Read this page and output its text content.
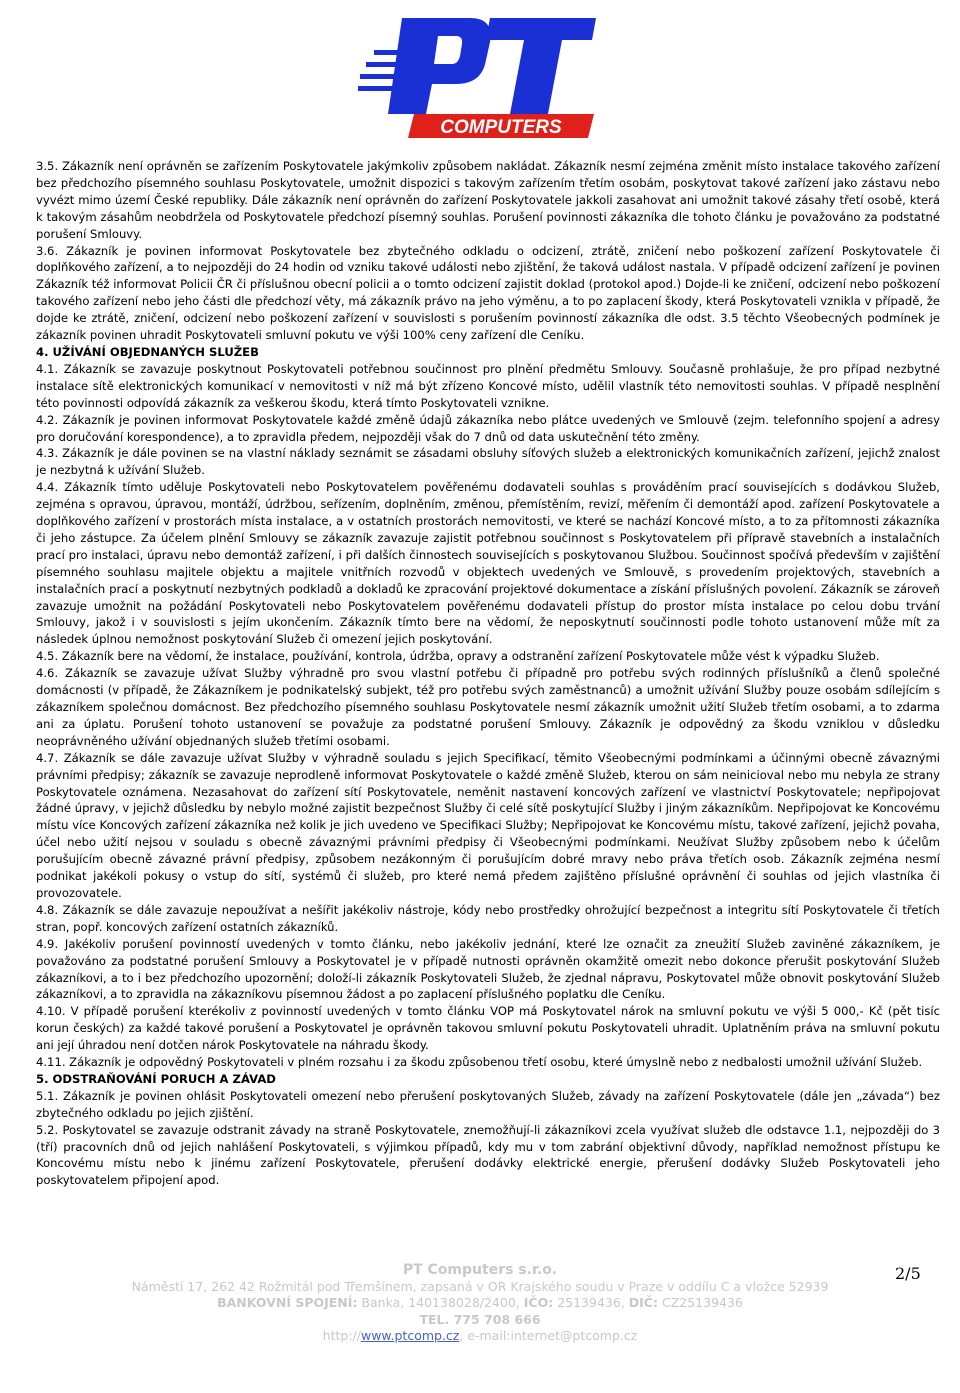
COMPUTERS

3.5. Zákazník není oprávněn se zařízením Poskytovatele jakýmkoliv způsobem nakládat. Zákazník nesmí zejména změnit místo instalace takového zařízení bez předchozího písemného souhlasu Poskytovatele, umožnit dispozici s takovým zařízením třetím osobám, poskytovat takové zařízení jako zástavu nebo vyvézt mimo území České republiky. Dále zákazník není oprávněn do zařízení Poskytovatele jakkoli zasahovat ani umožnit takové zásahy třetí osobě, která k takovým zásahům neobdržela od Poskytovatele předchozí písemný souhlas. Porušení povinnosti zákazníka dle tohoto článku je považováno za podstatné porušení Smlouvy.

3.6. Zákazník je povinen informovat Poskytovatele bez zbytečného odkladu o odcizení, ztrátě, zničení nebo poškození zařízení Poskytovatele či doplňkového zařízení, a to nejpozději do 24 hodin od vzniku takové události nebo zjištění, že taková událost nastala. V případě odcizení zařízení je povinen Zákazník též informovat Policii ČR či příslušnou obecní policii a o tomto odcizení zajistit doklad (protokol apod.) Dojde-li ke zničení, odcizení nebo poškození takového zařízení nebo jeho části dle předchozí věty, má zákazník právo na jeho výměnu, a to po zaplacení škody, která Poskytovateli vznikla v případě, že dojde ke ztrátě, zničení, odcizení nebo poškození zařízení v souvislosti s porušením povinností zákazníka dle odst. 3.5 těchto Všeobecných podmínek je zákazník povinen uhradit Poskytovateli smluvní pokutu ve výši 100% ceny zařízení dle Ceníku.

4. UŽÍVÁNÍ OBJEDNANÝCH SLUŽEB

4.1. Zákazník se zavazuje poskytnout Poskytovateli potřebnou součinnost pro plnění předmětu Smlouvy. Současně prohlašuje, že pro případ nezbytné instalace sítě elektronických komunikací v nemovitosti v níž má být zřízeno Koncové místo, udělil vlastník této nemovitosti souhlas. V případě nesplnění této povinnosti odpovídá zákazník za veškerou škodu, která tímto Poskytovateli vznikne.

4.2. Zákazník je povinen informovat Poskytovatele každé změně údajů zákazníka nebo plátce uvedených ve Smlouvě (zejm. telefonního spojení a adresy pro doručování korespondence), a to zpravidla předem, nejpozději však do 7 dnů od data uskutečnění této změny.

4.3. Zákazník je dále povinen se na vlastní náklady seznámit se zásadami obsluhy síťových služeb a elektronických komunikačních zařízení, jejichž znalost je nezbytná k užívání Služeb.

4.4. Zákazník tímto uděluje Poskytovateli nebo Poskytovatelem pověřenému dodavateli souhlas s prováděním prací souvisejících s dodávkou Služeb, zejména s opravou, úpravou, montáží, údržbou, seřízením, doplněním, změnou, přemístěním, revizí, měřením či demontáží apod. zařízení Poskytovatele a doplňkového zařízení v prostorách místa instalace, a v ostatních prostorách nemovitosti, ve které se nachází Koncové místo, a to za přítomnosti zákazníka či jeho zástupce. Za účelem plnění Smlouvy se zákazník zavazuje zajistit potřebnou součinnost s Poskytovatelem při přípravě stavebních a instalačních prací pro instalaci, úpravu nebo demontáž zařízení, i při dalších činnostech souvisejících s poskytovanou Službou. Součinnost spočívá především v zajištění písemného souhlasu majitele objektu a majitele vnitřních rozvodů v objektech uvedených ve Smlouvě, s provedením projektových, stavebních a instalačních prací a poskytnutí nezbytných podkladů a dokladů ke zpracování projektové dokumentace a získání příslušných povolení. Zákazník se zároveň zavazuje umožnit na požádání Poskytovateli nebo Poskytovatelem pověřenému dodavateli přístup do prostor místa instalace po celou dobu trvání Smlouvy, jakož i v souvislosti s jejím ukončením. Zákazník tímto bere na vědomí, že neposkytnutí součinnosti podle tohoto ustanovení může mít za následek úplnou nemožnost poskytování Služeb či omezení jejich poskytování.

4.5. Zákazník bere na vědomí, že instalace, používání, kontrola, údržba, opravy a odstranění zařízení Poskytovatele může vést k výpadku Služeb.

4.6. Zákazník se zavazuje užívat Služby výhradně pro svou vlastní potřebu či případně pro potřebu svých rodinných příslušníků a členů společné domácnosti (v případě, že Zákazníkem je podnikatelský subjekt, též pro potřebu svých zaměstnanců) a umožnit užívání Služby pouze osobám sdílejícím s zákazníkem společnou domácnost. Bez předchozího písemného souhlasu Poskytovatele nesmí zákazník umožnit užití Služeb třetím osobami, a to zdarma ani za úplatu. Porušení tohoto ustanovení se považuje za podstatné porušení Smlouvy. Zákazník je odpovědný za škodu vzniklou v důsledku neoprávněného užívání objednaných služeb třetími osobami.

4.7. Zákazník se dále zavazuje užívat Služby v výhradně souladu s jejich Specifikací, těmito Všeobecnými podmínkami a účinnými obecně závaznými právními předpisy; zákazník se zavazuje neprodleně informovat Poskytovatele o každé změně Služeb, kterou on sám neinicioval nebo mu nebyla ze strany Poskytovatele oznámena. Nezasahovat do zařízení sítí Poskytovatele, neměnit nastavení koncových zařízení ve vlastnictví Poskytovatele; nepřipojovat žádné úpravy, v jejichž důsledku by nebylo možné zajistit bezpečnost Služby či celé sítě poskytující Služby i jiným zákazníkům. Nepřipojovat ke Koncovému místu více Koncových zařízení zákazníka než kolik je jich uvedeno ve Specifikaci Služby; Nepřipojovat ke Koncovému místu, takové zařízení, jejichž povaha, účel nebo užití nejsou v souladu s obecně závaznými právními předpisy či Všeobecnými podmínkami. Neužívat Služby způsobem nebo k účelům porušujícím obecně závazné právní předpisy, způsobem nezákonným či porušujícím dobré mravy nebo práva třetích osob. Zákazník zejména nesmí podnikat jakékoli pokusy o vstup do sítí, systémů či služeb, pro které nemá předem zajištěno příslušné oprávnění či souhlas od jejich vlastníka či provozovatele.

4.8. Zákazník se dále zavazuje nepoužívat a nešířit jakékoliv nástroje, kódy nebo prostředky ohrožující bezpečnost a integritu sítí Poskytovatele či třetích stran, popř. koncových zařízení ostatních zákazníků.

4.9. Jakékoliv porušení povinností uvedených v tomto článku, nebo jakékoliv jednání, které lze označit za zneužití Služeb zaviněné zákazníkem, je považováno za podstatné porušení Smlouvy a Poskytovatel je v případě nutnosti oprávněn okamžitě omezit nebo dokonce přerušit poskytování Služeb zákazníkovi, a to i bez předchozího upozornění; doloží-li zákazník Poskytovateli Služeb, že zjednal nápravu, Poskytovatel může obnovit poskytování Služeb zákazníkovi, a to zpravidla na zákazníkovu písemnou žádost a po zaplacení příslušného poplatku dle Ceníku.

4.10. V případě porušení kterékoliv z povinností uvedených v tomto článku VOP má Poskytovatel nárok na smluvní pokutu ve výši 5 000,- Kč (pět tisíc korun českých) za každé takové porušení a Poskytovatel je oprávněn takovou smluvní pokutu Poskytovateli uhradit. Uplatněním práva na smluvní pokutu ani její úhradou není dotčen nárok Poskytovatele na náhradu škody.

4.11. Zákazník je odpovědný Poskytovateli v plném rozsahu i za škodu způsobenou třetí osobu, které úmyslně nebo z nedbalosti umožnil užívání Služeb.

5. ODSTRAŇOVÁNÍ PORUCH A ZÁVAD

5.1. Zákazník je povinen ohlásit Poskytovateli omezení nebo přerušení poskytovaných Služeb, závady na zařízení Poskytovatele (dále jen „závada“) bez zbytečného odkladu po jejich zjištění.

5.2. Poskytovatel se zavazuje odstranit závady na straně Poskytovatele, znemožňují-li zákazníkovi zcela využívat služeb dle odstavce 1.1, nejpozději do 3 (tří) pracovních dnů od jejich nahlášení Poskytovateli, s výjimkou případů, kdy mu v tom zabrání objektivní důvody, například nemožnost přístupu ke Koncovému místu nebo k jinému zařízení Poskytovatele, přerušení dodávky elektrické energie, přerušení dodávky Služeb Poskytovateli jeho poskytovatelem připojení apod.

PT Computers s.r.o.
Náměstí 17, 262 42 Rožmitál pod Třemšínem, zapsaná v OR Krajského soudu v Praze v oddílu C a vložce 52939
BANKOVNÍ SPOJENÍ: Banka, 140138028/2400, IČO: 25139436, DIČ: CZ25139436
TEL. 775 708 666
http://www.ptcomp.cz, e-mail:internet@ptcomp.cz
2/5
